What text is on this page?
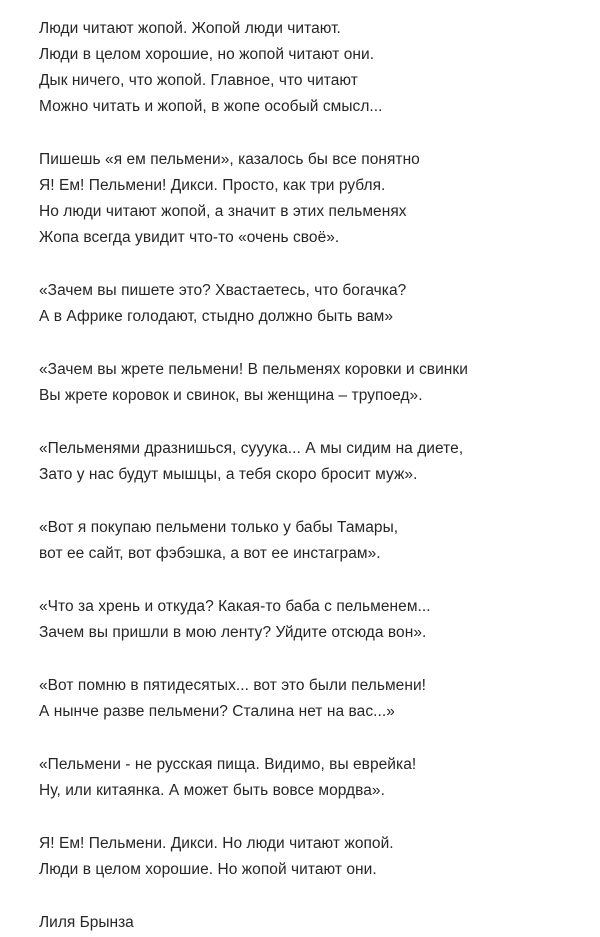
Люди читают жопой. Жопой люди читают.
Люди в целом хорошие, но жопой читают они.
Дык ничего, что жопой. Главное, что читают
Можно читать и жопой, в жопе особый смысл...
Пишешь «я ем пельмени», казалось бы все понятно
Я! Ем! Пельмени! Дикси. Просто, как три рубля.
Но люди читают жопой, а значит в этих пельменях
Жопа всегда увидит что-то «очень своё».
«Зачем вы пишете это? Хвастаетесь, что богачка?
А в Африке голодают, стыдно должно быть вам»
«Зачем вы жрете пельмени! В пельменях коровки и свинки
Вы жрете коровок и свинок, вы женщина – трупоед».
«Пельменями дразнишься, сууука... А мы сидим на диете,
Зато у нас будут мышцы, а тебя скоро бросит муж».
«Вот я покупаю пельмени только у бабы Тамары,
вот ее сайт, вот фэбэшка, а вот ее инстаграм».
«Что за хрень и откуда? Какая-то баба с пельменем...
Зачем вы пришли в мою ленту? Уйдите отсюда вон».
«Вот помню в пятидесятых... вот это были пельмени!
А нынче разве пельмени? Сталина нет на вас...»
«Пельмени - не русская пища. Видимо, вы еврейка!
Ну, или китаянка. А может быть вовсе мордва».
Я! Ем! Пельмени. Дикси. Но люди читают жопой.
Люди в целом хорошие. Но жопой читают они.
Лиля Брынза
